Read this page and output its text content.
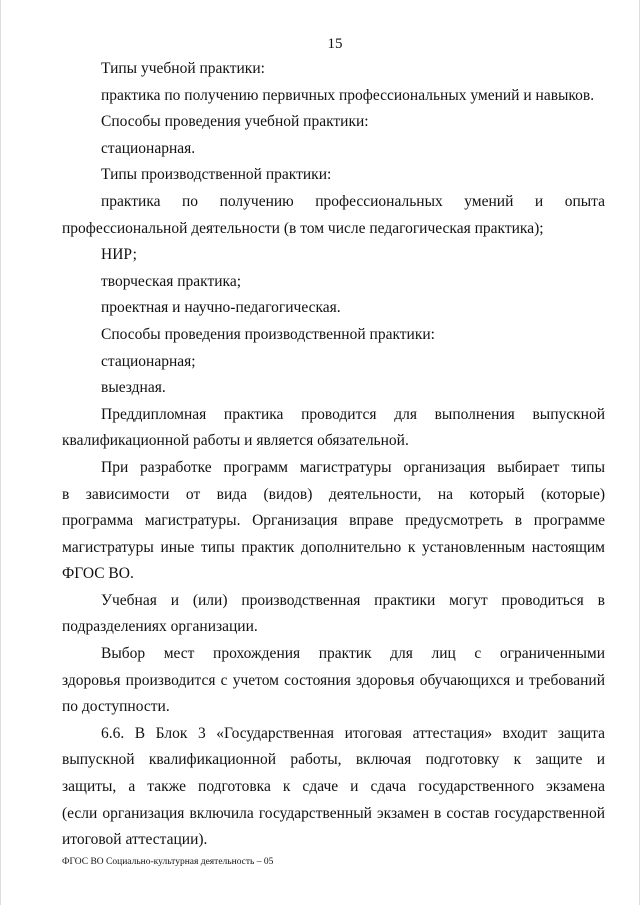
15
Типы учебной практики:
практика по получению первичных профессиональных умений и навыков.
Способы проведения учебной практики:
стационарная.
Типы производственной практики:
практика по получению профессиональных умений и опыта
профессиональной деятельности (в том числе педагогическая практика);
НИР;
творческая практика;
проектная и научно-педагогическая.
Способы проведения производственной практики:
стационарная;
выездная.
Преддипломная практика проводится для выполнения выпускной
квалификационной работы и является обязательной.
При разработке программ магистратуры организация выбирает типы
в зависимости от вида (видов) деятельности, на который (которые)
программа магистратуры. Организация вправе предусмотреть в программе
магистратуры иные типы практик дополнительно к установленным настоящим
ФГОС ВО.
Учебная и (или) производственная практики могут проводиться в
подразделениях организации.
Выбор мест прохождения практик для лиц с ограниченными
здоровья производится с учетом состояния здоровья обучающихся и требований
по доступности.
6.6. В Блок 3 «Государственная итоговая аттестация» входит защита
выпускной квалификационной работы, включая подготовку к защите и
защиты, а также подготовка к сдаче и сдача государственного экзамена
(если организация включила государственный экзамен в состав государственной
итоговой аттестации).
ФГОС ВО Социально-культурная деятельность – 05
